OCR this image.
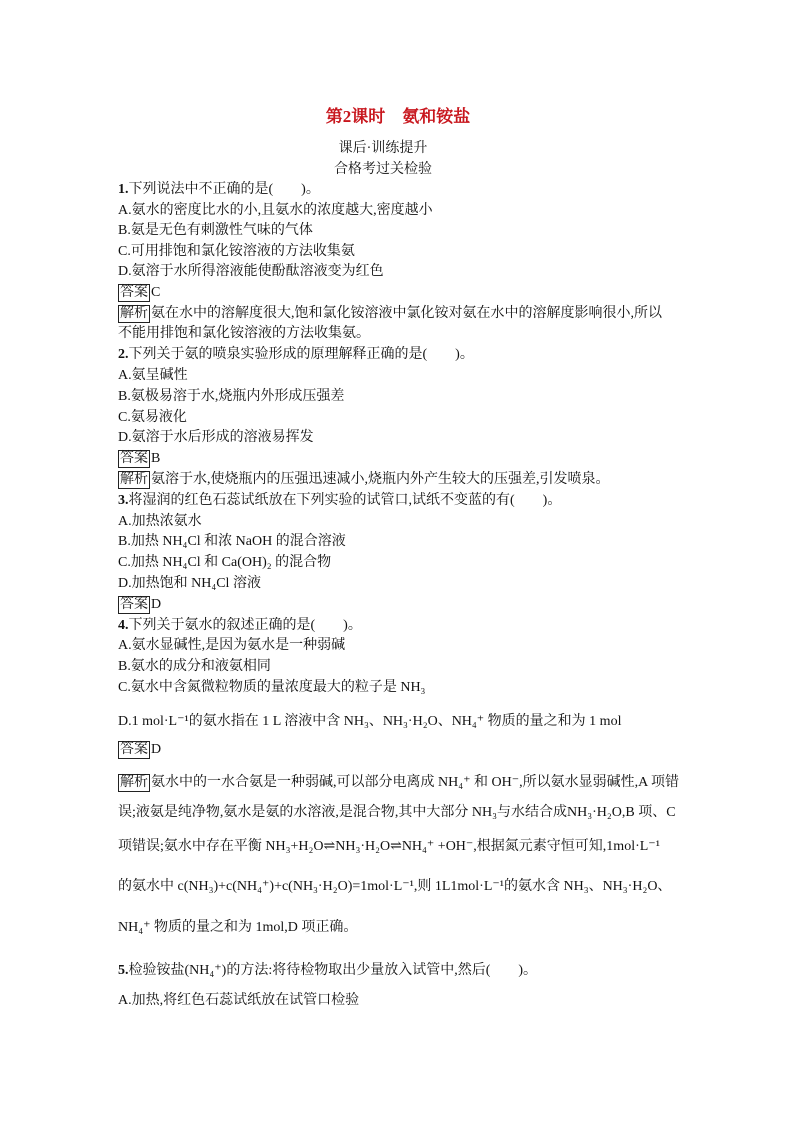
第2课时　氨和铵盐
课后·训练提升
合格考过关检验
1.下列说法中不正确的是(　　)。
A.氨水的密度比水的小,且氨水的浓度越大,密度越小
B.氨是无色有刺激性气味的气体
C.可用排饱和氯化铵溶液的方法收集氨
D.氨溶于水所得溶液能使酚酞溶液变为红色
答案 C
解析 氨在水中的溶解度很大,饱和氯化铵溶液中氯化铵对氨在水中的溶解度影响很小,所以
不能用排饱和氯化铵溶液的方法收集氨。
2.下列关于氨的喷泉实验形成的原理解释正确的是(　　)。
A.氨呈碱性
B.氨极易溶于水,烧瓶内外形成压强差
C.氨易液化
D.氨溶于水后形成的溶液易挥发
答案 B
解析 氨溶于水,使烧瓶内的压强迅速减小,烧瓶内外产生较大的压强差,引发喷泉。
3.将湿润的红色石蕊试纸放在下列实验的试管口,试纸不变蓝的有(　　)。
A.加热浓氨水
B.加热 NH₄Cl 和浓 NaOH 的混合溶液
C.加热 NH₄Cl 和 Ca(OH)₂ 的混合物
D.加热饱和 NH₄Cl 溶液
答案 D
4.下列关于氨水的叙述正确的是(　　)。
A.氨水显碱性,是因为氨水是一种弱碱
B.氨水的成分和液氨相同
C.氨水中含氮微粒物质的量浓度最大的粒子是 NH₃
D.1 mol·L⁻¹的氨水指在 1 L 溶液中含 NH₃、NH₃·H₂O、NH₄⁺ 物质的量之和为 1 mol
答案 D
解析 氨水中的一水合氨是一种弱碱,可以部分电离成 NH₄⁺ 和 OH⁻,所以氨水显弱碱性,A 项错
误;液氨是纯净物,氨水是氨的水溶液,是混合物,其中大部分 NH₃与水结合成NH₃·H₂O,B 项、C
项错误;氨水中存在平衡 NH₃+H₂O⇌NH₃·H₂O⇌NH₄⁺ +OH⁻,根据氮元素守恒可知,1mol·L⁻¹
的氨水中 c(NH₃)+c(NH₄⁺)+c(NH₃·H₂O)=1mol·L⁻¹,则 1L1mol·L⁻¹的氨水含 NH₃、NH₃·H₂O、
NH₄⁺ 物质的量之和为 1mol,D 项正确。
5.检验铵盐(NH₄⁺)的方法:将待检物取出少量放入试管中,然后(　　)。
A.加热,将红色石蕊试纸放在试管口检验
